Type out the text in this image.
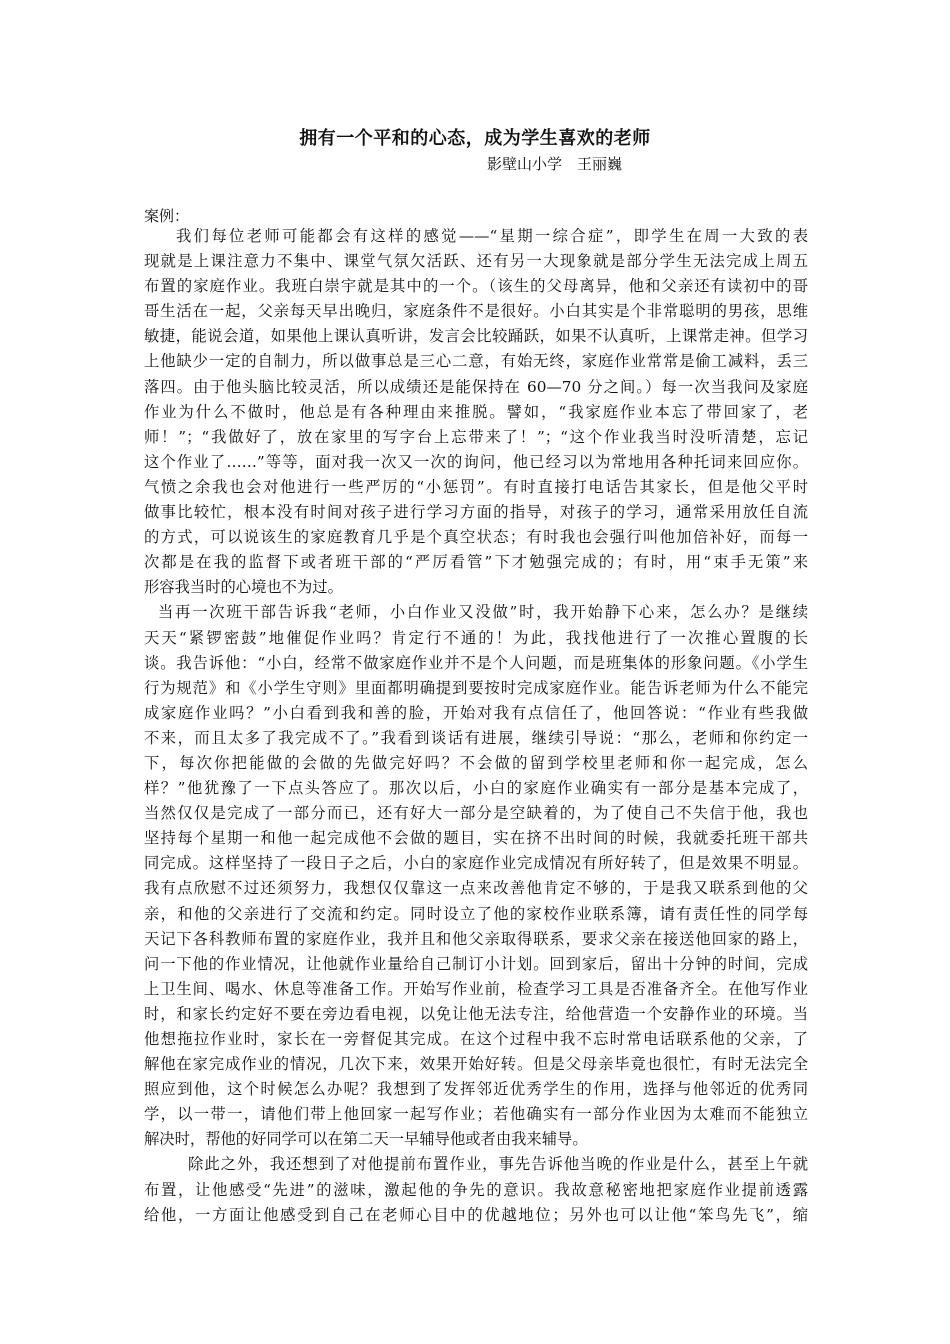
拥有一个平和的心态，成为学生喜欢的老师
影壁山小学　王丽巍
案例：
我们每位老师可能都会有这样的感觉——“星期一综合症”，即学生在周一大致的表
现就是上课注意力不集中、课堂气氛欠活跃、还有另一大现象就是部分学生无法完成上周五
布置的家庭作业。我班白崇宇就是其中的一个。（该生的父母离异，他和父亲还有读初中的哥
哥生活在一起，父亲每天早出晚归，家庭条件不是很好。小白其实是个非常聪明的男孩，思维
敏捷，能说会道，如果他上课认真听讲，发言会比较踊跃，如果不认真听，上课常走神。但学习
上他缺少一定的自制力，所以做事总是三心二意，有始无终，家庭作业常常是偷工减料，丢三
落四。由于他头脑比较灵活，所以成绩还是能保持在 60—70 分之间。）每一次当我问及家庭
作业为什么不做时，他总是有各种理由来推脱。譬如，“我家庭作业本忘了带回家了，老
师！”；“我做好了，放在家里的写字台上忘带来了！”；“这个作业我当时没听清楚，忘记
这个作业了……”等等，面对我一次又一次的询问，他已经习以为常地用各种托词来回应你。
气愤之余我也会对他进行一些严厉的“小惩罚”。有时直接打电话告其家长，但是他父平时
做事比较忙，根本没有时间对孩子进行学习方面的指导，对孩子的学习，通常采用放任自流
的方式，可以说该生的家庭教育几乎是个真空状态；有时我也会强行叫他加倍补好，而每一
次都是在我的监督下或者班干部的“严厉看管”下才勉强完成的；有时，用“束手无策”来
形容我当时的心境也不为过。
当再一次班干部告诉我“老师，小白作业又没做”时，我开始静下心来，怎么办？是继续
天天“紧锣密鼓”地催促作业吗？肯定行不通的！为此，我找他进行了一次推心置腹的长
谈。我告诉他：“小白，经常不做家庭作业并不是个人问题，而是班集体的形象问题。《小学生
行为规范》和《小学生守则》里面都明确提到要按时完成家庭作业。能告诉老师为什么不能完
成家庭作业吗？”小白看到我和善的脸，开始对我有点信任了，他回答说：“作业有些我做
不来，而且太多了我完成不了。”我看到谈话有进展，继续引导说：“那么，老师和你约定一
下，每次你把能做的会做的先做完好吗？不会做的留到学校里老师和你一起完成，怎么
样？”他犹豫了一下点头答应了。那次以后，小白的家庭作业确实有一部分是基本完成了，
当然仅仅是完成了一部分而已，还有好大一部分是空缺着的，为了使自己不失信于他，我也
坚持每个星期一和他一起完成他不会做的题目，实在挤不出时间的时候，我就委托班干部共
同完成。这样坚持了一段日子之后，小白的家庭作业完成情况有所好转了，但是效果不明显。
我有点欣慰不过还须努力，我想仅仅靠这一点来改善他肯定不够的，于是我又联系到他的父
亲，和他的父亲进行了交流和约定。同时设立了他的家校作业联系簿，请有责任性的同学每
天记下各科教师布置的家庭作业，我并且和他父亲取得联系，要求父亲在接送他回家的路上，
问一下他的作业情况，让他就作业量给自己制订小计划。回到家后，留出十分钟的时间，完成
上卫生间、喝水、休息等准备工作。开始写作业前，检查学习工具是否准备齐全。在他写作业
时，和家长约定好不要在旁边看电视，以免让他无法专注，给他营造一个安静作业的环境。当
他想拖拉作业时，家长在一旁督促其完成。在这个过程中我不忘时常电话联系他的父亲，了
解他在家完成作业的情况，几次下来，效果开始好转。但是父母亲毕竟也很忙，有时无法完全
照应到他，这个时候怎么办呢？我想到了发挥邻近优秀学生的作用，选择与他邻近的优秀同
学，以一带一，请他们带上他回家一起写作业；若他确实有一部分作业因为太难而不能独立
解决时，帮他的好同学可以在第二天一早辅导他或者由我来辅导。
除此之外，我还想到了对他提前布置作业，事先告诉他当晚的作业是什么，甚至上午就
布置，让他感受“先进”的滋味，激起他的争先的意识。我故意秘密地把家庭作业提前透露
给他，一方面让他感受到自己在老师心目中的优越地位；另外也可以让他“笨鸟先飞”，缩
